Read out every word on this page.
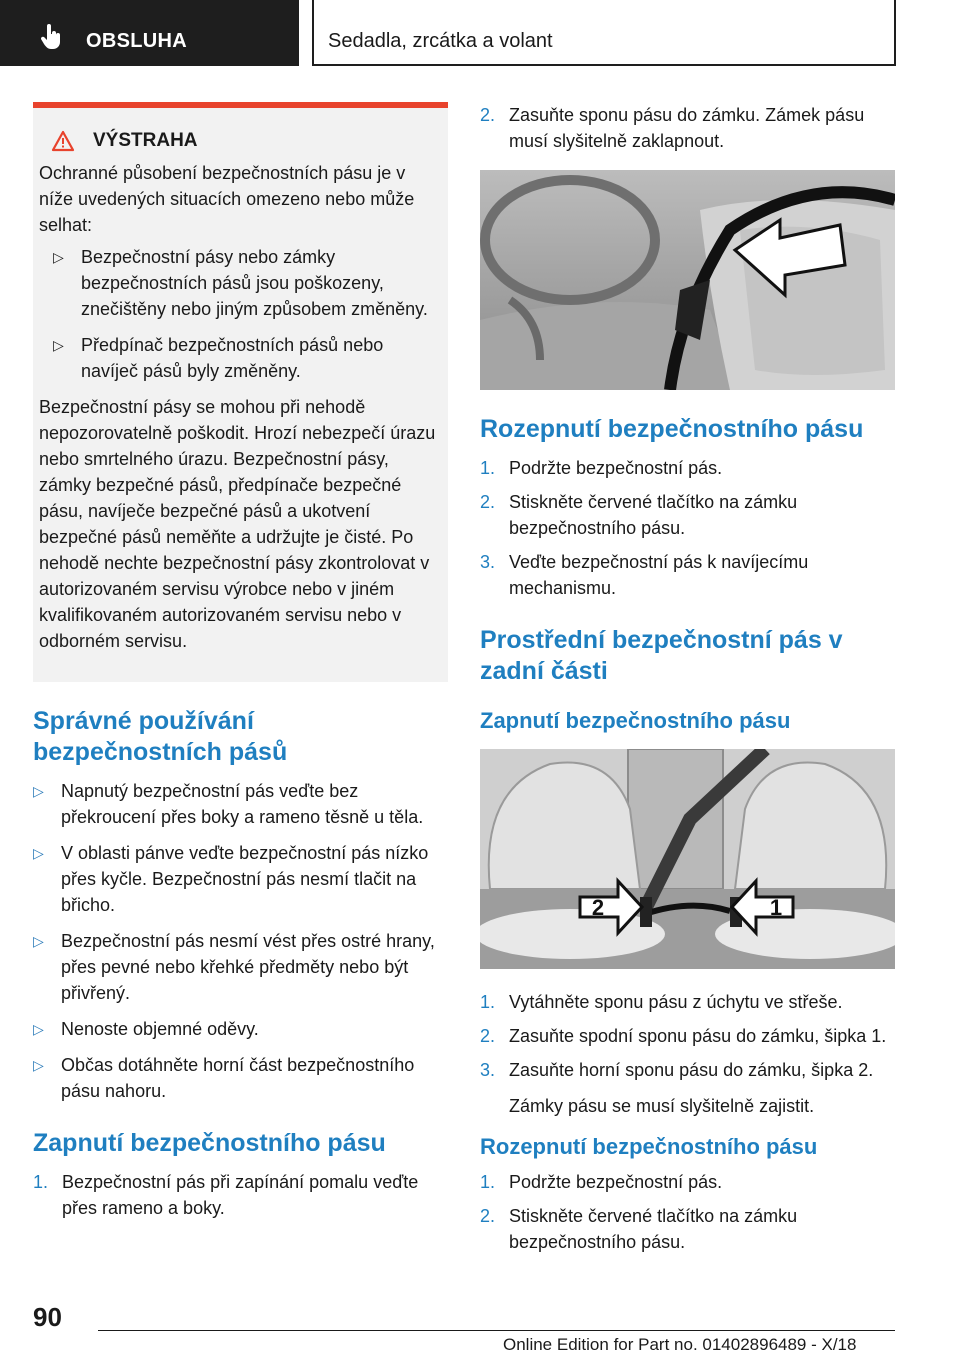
OBSLUHA	Sedadla, zrcátka a volant
VÝSTRAHA

Ochranné působení bezpečnostních pásu je v níže uvedených situacích omezeno nebo může selhat:

▷ Bezpečnostní pásy nebo zámky bezpečnostních pásů jsou poškozeny, znečištěny nebo jiným způsobem změněny.
▷ Předpínač bezpečnostních pásů nebo navíječ pásů byly změněny.

Bezpečnostní pásy se mohou při nehodě nepozorovatelně poškodit. Hrozí nebezpečí úrazu nebo smrtelného úrazu. Bezpečnostní pásy, zámky bezpečné pásů, předpínače bezpečné pásu, navíječe bezpečné pásů a ukotvení bezpečné pásů neměňte a udržujte je čisté. Po nehodě nechte bezpečnostní pásy zkontrolovat v autorizovaném servisu výrobce nebo v jiném kvalifikovaném autorizovaném servisu nebo v odborném servisu.

Správné používání bezpečnostních pásů
▷ Napnutý bezpečnostní pás veďte bez překroucení přes boky a rameno těsně u těla.
▷ V oblasti pánve veďte bezpečnostní pás nízko přes kyčle. Bezpečnostní pás nesmí tlačit na břicho.
▷ Bezpečnostní pás nesmí vést přes ostré hrany, přes pevné nebo křehké předměty nebo být přivřený.
▷ Nenoste objemné oděvy.
▷ Občas dotáhněte horní část bezpečnostního pásu nahoru.
Zapnutí bezpečnostního pásu
1. Bezpečnostní pás při zapínání pomalu veďte přes rameno a boky.
2. Zasuňte sponu pásu do zámku. Zámek pásu musí slyšitelně zaklapnout.
Rozepnutí bezpečnostního pásu
1. Podržte bezpečnostní pás.
2. Stiskněte červené tlačítko na zámku bezpečnostního pásu.
3. Veďte bezpečnostní pás k navíjecímu mechanismu.
Prostřední bezpečnostní pás v zadní části
Zapnutí bezpečnostního pásu
2	1
1. Vytáhněte sponu pásu z úchytu ve střeše.
2. Zasuňte spodní sponu pásu do zámku, šipka 1.
3. Zasuňte horní sponu pásu do zámku, šipka 2.
Zámky pásu se musí slyšitelně zajistit.
Rozepnutí bezpečnostního pásu
1. Podržte bezpečnostní pás.
2. Stiskněte červené tlačítko na zámku bezpečnostního pásu.
90
Online Edition for Part no. 01402896489 - X/18
